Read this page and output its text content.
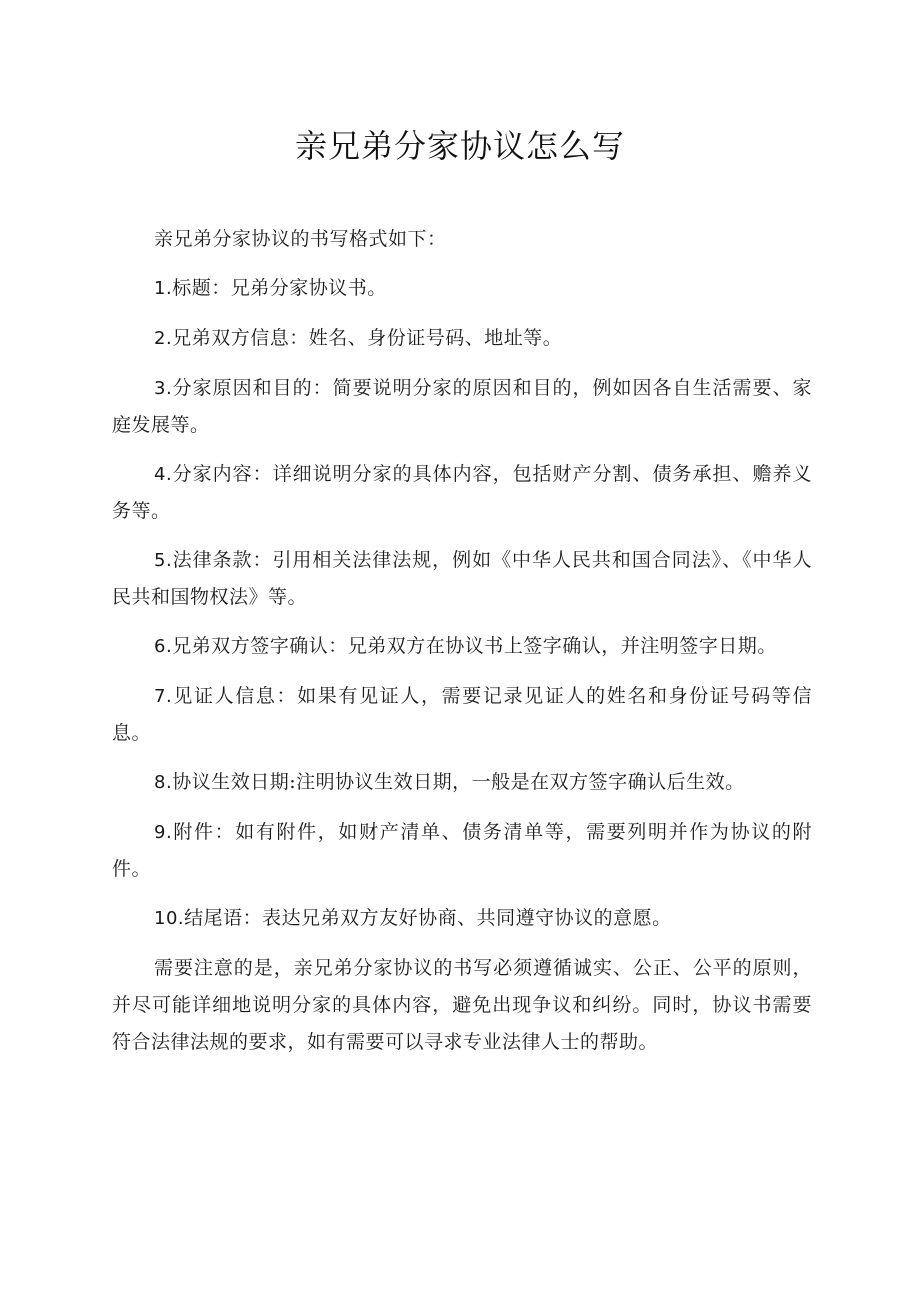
亲兄弟分家协议怎么写

亲兄弟分家协议的书写格式如下：

1.标题：兄弟分家协议书。

2.兄弟双方信息：姓名、身份证号码、地址等。

3.分家原因和目的：简要说明分家的原因和目的，例如因各自生活需要、家庭发展等。

4.分家内容：详细说明分家的具体内容，包括财产分割、债务承担、赡养义务等。

5.法律条款：引用相关法律法规，例如《中华人民共和国合同法》、《中华人民共和国物权法》等。

6.兄弟双方签字确认：兄弟双方在协议书上签字确认，并注明签字日期。

7.见证人信息：如果有见证人，需要记录见证人的姓名和身份证号码等信息。

8.协议生效日期:注明协议生效日期，一般是在双方签字确认后生效。

9.附件：如有附件，如财产清单、债务清单等，需要列明并作为协议的附件。

10.结尾语：表达兄弟双方友好协商、共同遵守协议的意愿。

需要注意的是，亲兄弟分家协议的书写必须遵循诚实、公正、公平的原则，并尽可能详细地说明分家的具体内容，避免出现争议和纠纷。同时，协议书需要符合法律法规的要求，如有需要可以寻求专业法律人士的帮助。
